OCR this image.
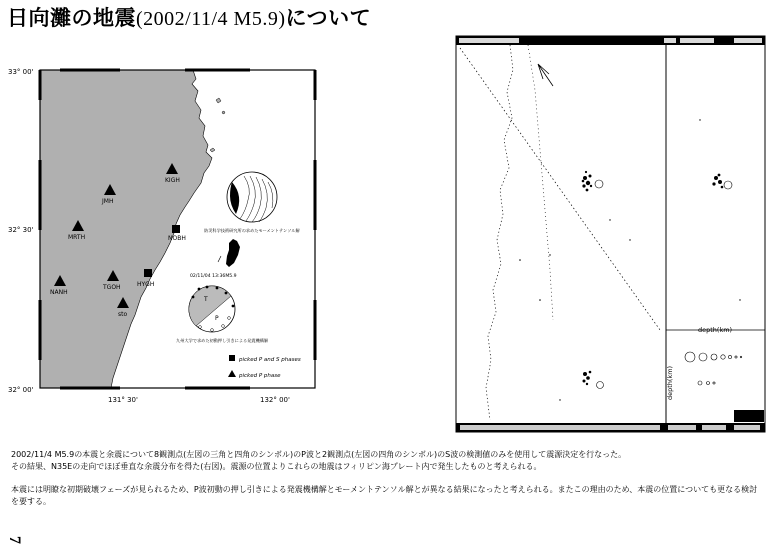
日向灘の地震(2002/11/4 M5.9)について
33° 00'
32° 30'
32° 00'
131° 30'	132° 00'
KIGH
JMH
MRTH
NANH
TGOH
sto
NOBH
HYGH
防災科学技術研究所の求めたモーメントテンソル解
02/11/04 13:36M5.9
T
P
九州大学で求めた初動押し引きによる発震機構解
picked P and S phases
picked P phase
depth(km)
depth(km)
2002/11/4 M5.9の本震と余震について8観測点(左図の三角と四角のシンボル)のP波と2観測点(左図の四角のシンボル)のS波の検測値のみを使用して震源決定を行なった。
その結果、N35Eの走向でほぼ垂直な余震分布を得た(右図)。震源の位置よりこれらの地震はフィリピン海プレート内で発生したものと考えられる。
本震には明瞭な初期破壊フェーズが見られるため、P波初動の押し引きによる発震機構解とモーメントテンソル解とが異なる結果になったと考えられる。またこの理由のため、本震の位置についても更なる検討を要する。
7
